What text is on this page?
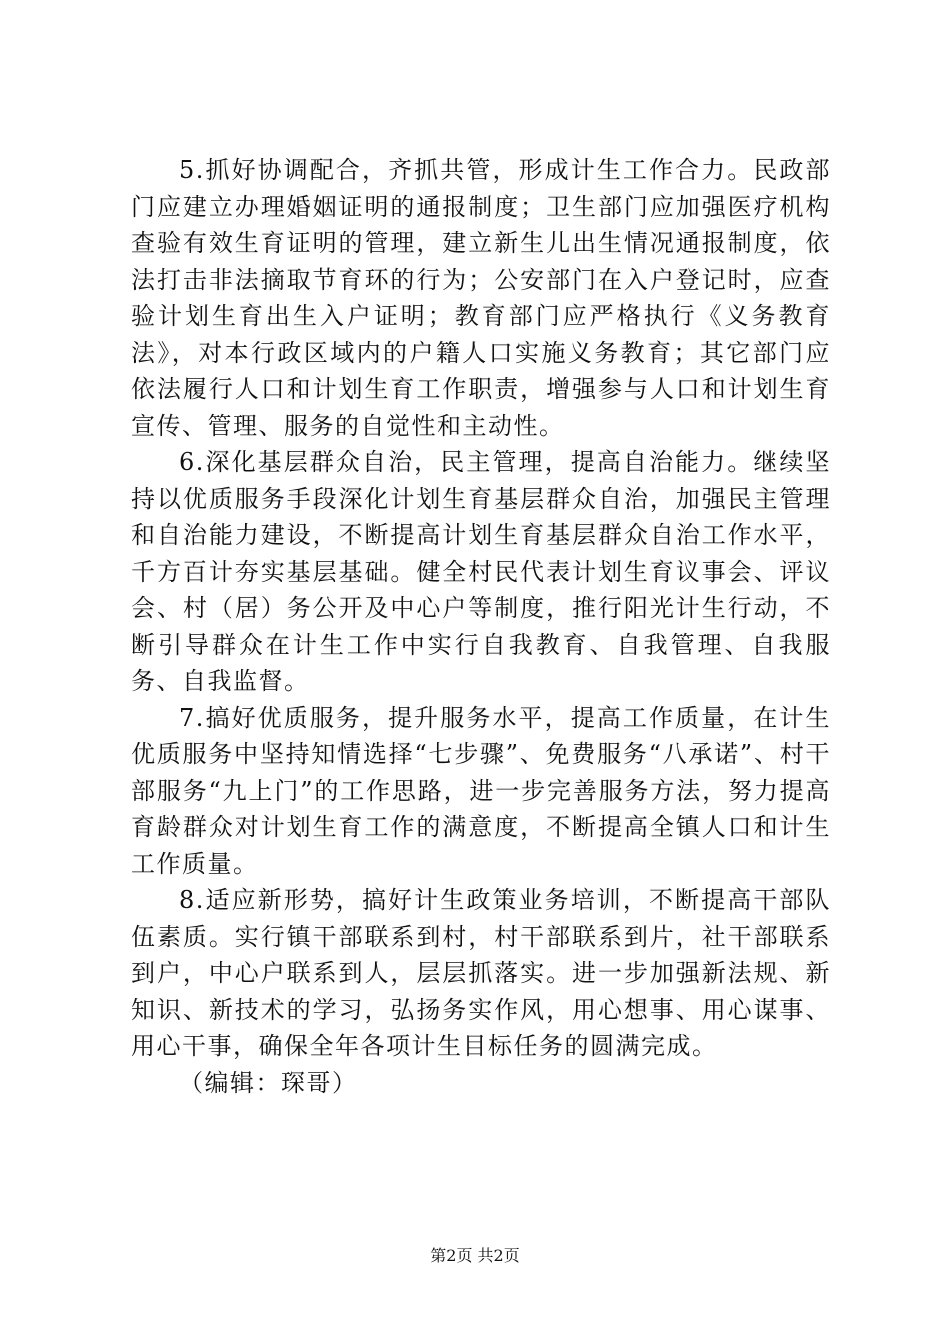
5.抓好协调配合，齐抓共管，形成计生工作合力。民政部门应建立办理婚姻证明的通报制度；卫生部门应加强医疗机构查验有效生育证明的管理，建立新生儿出生情况通报制度，依法打击非法摘取节育环的行为；公安部门在入户登记时，应查验计划生育出生入户证明；教育部门应严格执行《义务教育法》，对本行政区域内的户籍人口实施义务教育；其它部门应依法履行人口和计划生育工作职责，增强参与人口和计划生育宣传、管理、服务的自觉性和主动性。

6.深化基层群众自治，民主管理，提高自治能力。继续坚持以优质服务手段深化计划生育基层群众自治，加强民主管理和自治能力建设，不断提高计划生育基层群众自治工作水平，千方百计夯实基层基础。健全村民代表计划生育议事会、评议会、村（居）务公开及中心户等制度，推行阳光计生行动，不断引导群众在计生工作中实行自我教育、自我管理、自我服务、自我监督。

7.搞好优质服务，提升服务水平，提高工作质量，在计生优质服务中坚持知情选择“七步骤”、免费服务“八承诺”、村干部服务“九上门”的工作思路，进一步完善服务方法，努力提高育龄群众对计划生育工作的满意度，不断提高全镇人口和计生工作质量。

8.适应新形势，搞好计生政策业务培训，不断提高干部队伍素质。实行镇干部联系到村，村干部联系到片，社干部联系到户，中心户联系到人，层层抓落实。进一步加强新法规、新知识、新技术的学习，弘扬务实作风，用心想事、用心谋事、用心干事，确保全年各项计生目标任务的圆满完成。

（编辑：琛哥）

第2页 共2页
